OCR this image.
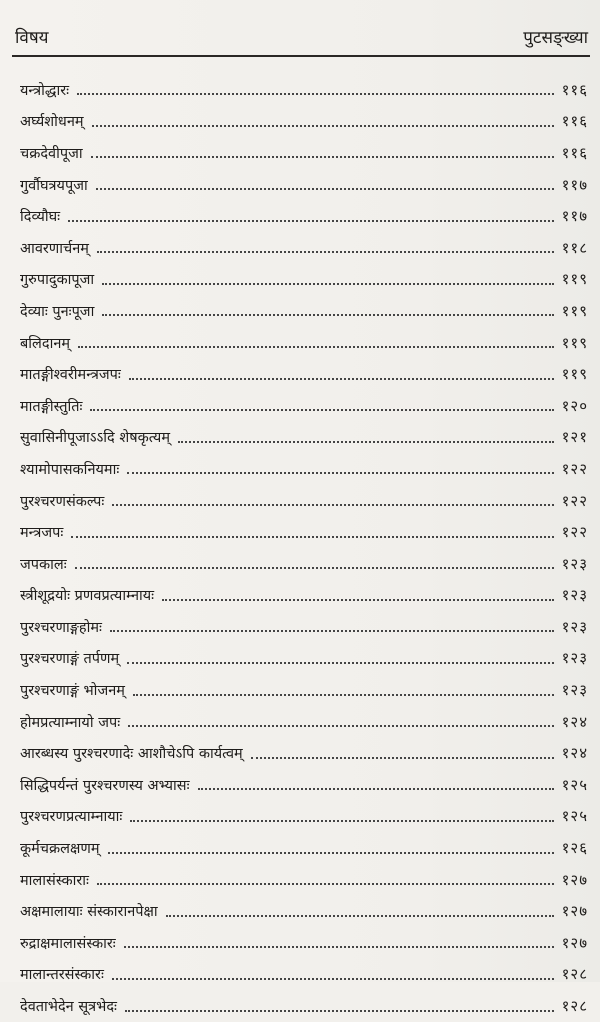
विषय	पुटसङ्ख्या
यन्त्रोद्धारः	११६
अर्घ्यशोधनम्	११६
चक्रदेवीपूजा	११६
गुर्वौघत्रयपूजा	११७
दिव्यौघः	११७
आवरणार्चनम्	११८
गुरुपादुकापूजा	११९
देव्याः पुनःपूजा	११९
बलिदानम्	११९
मातङ्गीश्वरीमन्त्रजपः	११९
मातङ्गीस्तुतिः	१२०
सुवासिनीपूजाऽऽदि शेषकृत्यम्	१२१
श्यामोपासकनियमाः	१२२
पुरश्चरणसंकल्पः	१२२
मन्त्रजपः	१२२
जपकालः	१२३
स्त्रीशूद्रयोः प्रणवप्रत्याम्नायः	१२३
पुरश्चरणाङ्गहोमः	१२३
पुरश्चरणाङ्गं तर्पणम्	१२३
पुरश्चरणाङ्गं भोजनम्	१२३
होमप्रत्याम्नायो जपः	१२४
आरब्धस्य पुरश्चरणादेः आशौचेऽपि कार्यत्वम्	१२४
सिद्धिपर्यन्तं पुरश्चरणस्य अभ्यासः	१२५
पुरश्चरणप्रत्याम्नायाः	१२५
कूर्मचक्रलक्षणम्	१२६
मालासंस्काराः	१२७
अक्षमालायाः संस्कारानपेक्षा	१२७
रुद्राक्षमालासंस्कारः	१२७
मालान्तरसंस्कारः	१२८
देवताभेदेन सूत्रभेदः	१२८
